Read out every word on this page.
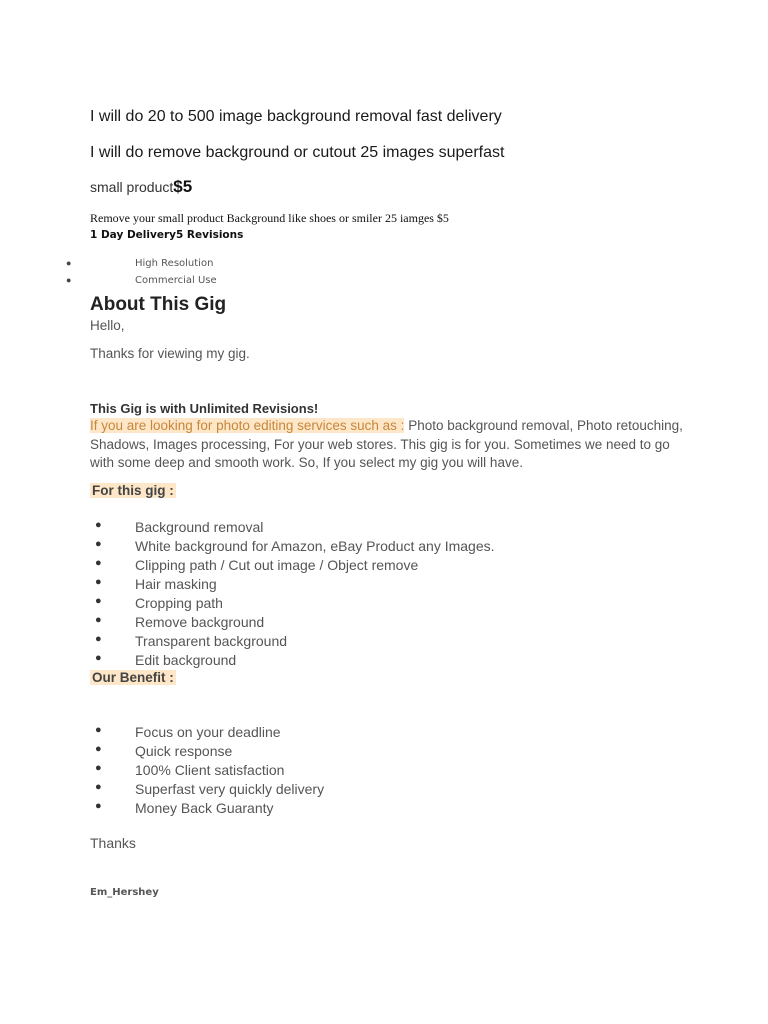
I will do 20 to 500 image background removal fast delivery
I will do remove background or cutout 25 images superfast
small product$5
Remove your small product Background like shoes or smiler 25 iamges $5
1 Day Delivery5 Revisions
●	High Resolution
●	Commercial Use
About This Gig
Hello,
Thanks for viewing my gig.
This Gig is with Unlimited Revisions!
If you are looking for photo editing services such as : Photo background removal, Photo retouching, Shadows, Images processing, For your web stores. This gig is for you. Sometimes we need to go with some deep and smooth work. So, If you select my gig you will have.
For this gig :
● Background removal
● White background for Amazon, eBay Product any Images.
● Clipping path / Cut out image / Object remove
● Hair masking
● Cropping path
● Remove background
● Transparent background
● Edit background
Our Benefit :
● Focus on your deadline
● Quick response
● 100% Client satisfaction
● Superfast very quickly delivery
● Money Back Guaranty
Thanks
Em_Hershey
